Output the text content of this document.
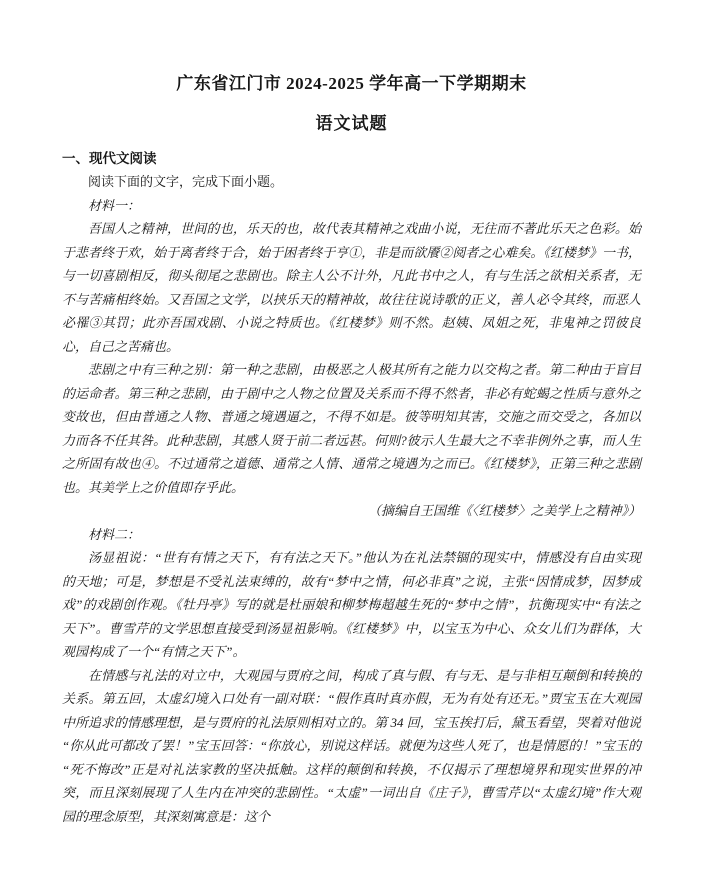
广东省江门市 2024-2025 学年高一下学期期末
语文试题
一、现代文阅读

阅读下面的文字，完成下面小题。

材料一：

吾国人之精神，世间的也，乐天的也，故代表其精神之戏曲小说，无往而不著此乐天之色彩。始于悲者终于欢，始于离者终于合，始于困者终于亨①，非是而欲餍②阅者之心难矣。《红楼梦》一书，与一切喜剧相反，彻头彻尾之悲剧也。除主人公不计外，凡此书中之人，有与生活之欲相关系者，无不与苦痛相终始。又吾国之文学，以挟乐天的精神故，故往往说诗歌的正义，善人必令其终，而恶人必罹③其罚；此亦吾国戏剧、小说之特质也。《红楼梦》则不然。赵姨、凤姐之死，非鬼神之罚彼良心，自己之苦痛也。

悲剧之中有三种之别：第一种之悲剧，由极恶之人极其所有之能力以交构之者。第二种由于盲目的运命者。第三种之悲剧，由于剧中之人物之位置及关系而不得不然者，非必有蛇蝎之性质与意外之变故也，但由普通之人物、普通之境遇逼之，不得不如是。彼等明知其害，交施之而交受之，各加以力而各不任其咎。此种悲剧，其感人贤于前二者远甚。何则?彼示人生最大之不幸非例外之事，而人生之所固有故也④。不过通常之道德、通常之人情、通常之境遇为之而已。《红楼梦》，正第三种之悲剧也。其美学上之价值即存乎此。

（摘编自王国维《〈红楼梦〉之美学上之精神》）

材料二：

汤显祖说：“世有有情之天下，有有法之天下。”他认为在礼法禁锢的现实中，情感没有自由实现的天地；可是，梦想是不受礼法束缚的，故有“梦中之情，何必非真”之说，主张“因情成梦，因梦成戏”的戏剧创作观。《牡丹亭》写的就是杜丽娘和柳梦梅超越生死的“梦中之情”，抗衡现实中“有法之天下”。曹雪芹的文学思想直接受到汤显祖影响。《红楼梦》中，以宝玉为中心、众女儿们为群体，大观园构成了一个“有情之天下”。

在情感与礼法的对立中，大观园与贾府之间，构成了真与假、有与无、是与非相互颠倒和转换的关系。第五回，太虚幻境入口处有一副对联：“假作真时真亦假，无为有处有还无。”贾宝玉在大观园中所追求的情感理想，是与贾府的礼法原则相对立的。第 34 回，宝玉挨打后，黛玉看望，哭着对他说“你从此可都改了罢！”宝玉回答：“你放心，别说这样话。就便为这些人死了，也是情愿的！”宝玉的“死不悔改”正是对礼法家教的坚决抵触。这样的颠倒和转换，不仅揭示了理想境界和现实世界的冲突，而且深刻展现了人生内在冲突的悲剧性。“太虚”一词出自《庄子》，曹雪芹以“太虚幻境”作大观园的理念原型，其深刻寓意是：这个
